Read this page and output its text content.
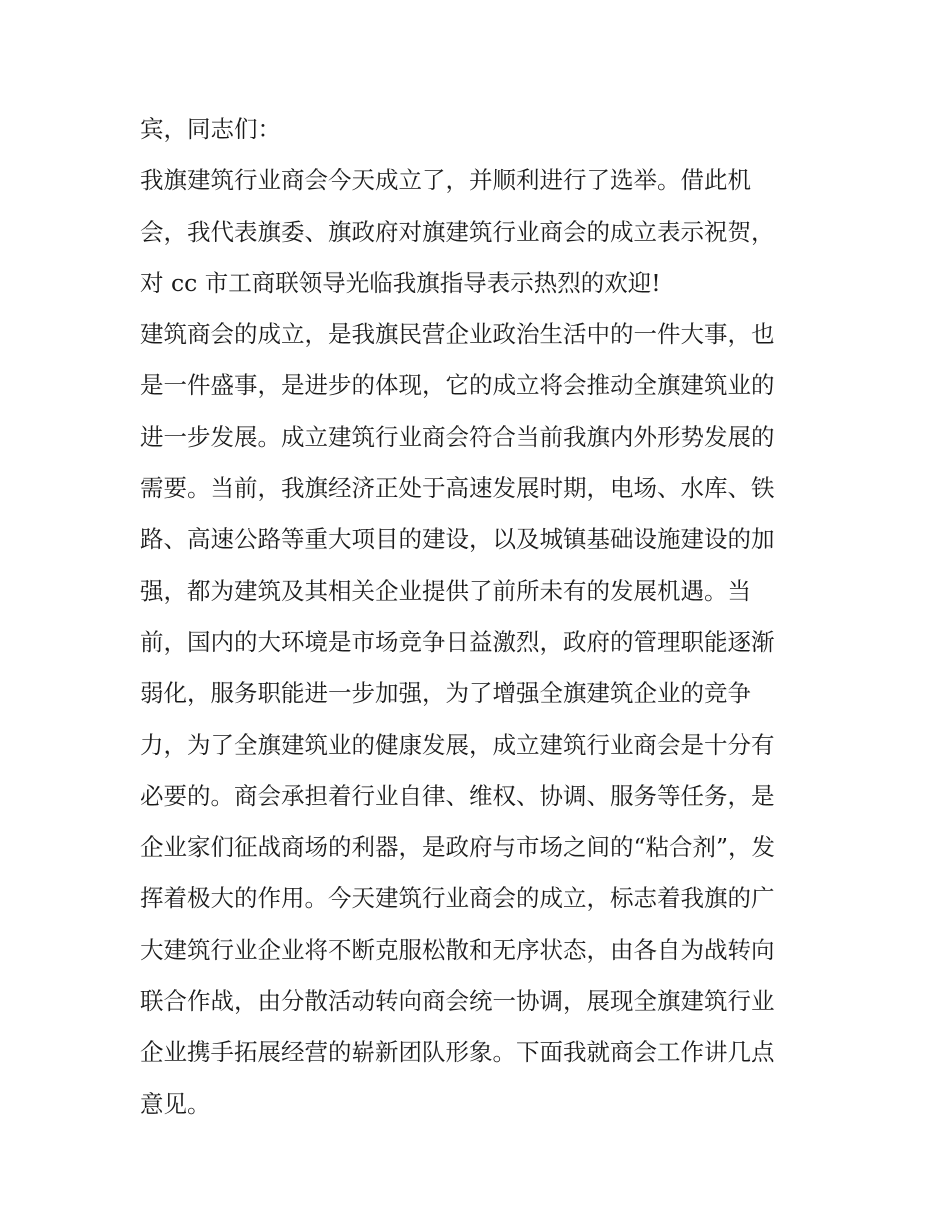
宾，同志们：
我旗建筑行业商会今天成立了，并顺利进行了选举。借此机
会，我代表旗委、旗政府对旗建筑行业商会的成立表示祝贺，
对 cc 市工商联领导光临我旗指导表示热烈的欢迎!
建筑商会的成立，是我旗民营企业政治生活中的一件大事，也
是一件盛事，是进步的体现，它的成立将会推动全旗建筑业的
进一步发展。成立建筑行业商会符合当前我旗内外形势发展的
需要。当前，我旗经济正处于高速发展时期，电场、水库、铁
路、高速公路等重大项目的建设，以及城镇基础设施建设的加
强，都为建筑及其相关企业提供了前所未有的发展机遇。当
前，国内的大环境是市场竞争日益激烈，政府的管理职能逐渐
弱化，服务职能进一步加强，为了增强全旗建筑企业的竞争
力，为了全旗建筑业的健康发展，成立建筑行业商会是十分有
必要的。商会承担着行业自律、维权、协调、服务等任务，是
企业家们征战商场的利器，是政府与市场之间的“粘合剂”，发
挥着极大的作用。今天建筑行业商会的成立，标志着我旗的广
大建筑行业企业将不断克服松散和无序状态，由各自为战转向
联合作战，由分散活动转向商会统一协调，展现全旗建筑行业
企业携手拓展经营的崭新团队形象。下面我就商会工作讲几点
意见。
